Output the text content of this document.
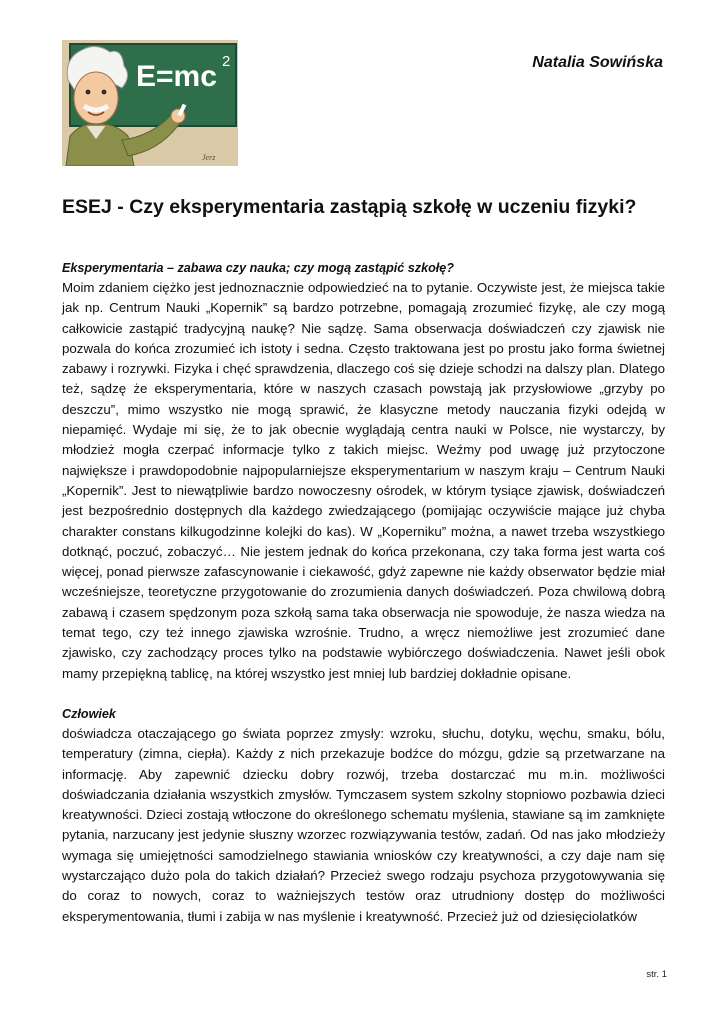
E=mc 2
Jerz
Natalia Sowińska
ESEJ - Czy eksperymentaria zastąpią szkołę w uczeniu fizyki?
Eksperymentaria – zabawa czy nauka; czy mogą zastąpić szkołę?

Moim zdaniem ciężko jest jednoznacznie odpowiedzieć na to pytanie. Oczywiste jest, że miejsca takie jak np. Centrum Nauki „Kopernik” są bardzo potrzebne, pomagają zrozumieć fizykę, ale czy mogą całkowicie zastąpić tradycyjną naukę? Nie sądzę. Sama obserwacja doświadczeń czy zjawisk nie pozwala do końca zrozumieć ich istoty i sedna. Często traktowana jest po prostu jako forma świetnej zabawy i rozrywki. Fizyka i chęć sprawdzenia, dlaczego coś się dzieje schodzi na dalszy plan. Dlatego też, sądzę że eksperymentaria, które w naszych czasach powstają jak przysłowiowe „grzyby po deszczu”, mimo wszystko nie mogą sprawić, że klasyczne metody nauczania fizyki odejdą w niepamięć. Wydaje mi się, że to jak obecnie wyglądają centra nauki w Polsce, nie wystarczy, by młodzież mogła czerpać informacje tylko z takich miejsc. Weźmy pod uwagę już przytoczone największe i prawdopodobnie najpopularniejsze eksperymentarium w naszym kraju – Centrum Nauki „Kopernik”. Jest to niewątpliwie bardzo nowoczesny ośrodek, w którym tysiące zjawisk, doświadczeń jest bezpośrednio dostępnych dla każdego zwiedzającego (pomijając oczywiście mające już chyba charakter constans kilkugodzinne kolejki do kas). W „Koperniku” można, a nawet trzeba wszystkiego dotknąć, poczuć, zobaczyć… Nie jestem jednak do końca przekonana, czy taka forma jest warta coś więcej, ponad pierwsze zafascynowanie i ciekawość, gdyż zapewne nie każdy obserwator będzie miał wcześniejsze, teoretyczne przygotowanie do zrozumienia danych doświadczeń. Poza chwilową dobrą zabawą i czasem spędzonym poza szkołą sama taka obserwacja nie spowoduje, że nasza wiedza na temat tego, czy też innego zjawiska wzrośnie. Trudno, a wręcz niemożliwe jest zrozumieć dane zjawisko, czy zachodzący proces tylko na podstawie wybiórczego doświadczenia. Nawet jeśli obok mamy przepiękną tablicę, na której wszystko jest mniej lub bardziej dokładnie opisane.

Człowiek

doświadcza otaczającego go świata poprzez zmysły: wzroku, słuchu, dotyku, węchu, smaku, bólu, temperatury (zimna, ciepła). Każdy z nich przekazuje bodźce do mózgu, gdzie są przetwarzane na informację. Aby zapewnić dziecku dobry rozwój, trzeba dostarczać mu m.in. możliwości doświadczania działania wszystkich zmysłów. Tymczasem system szkolny stopniowo pozbawia dzieci kreatywności. Dzieci zostają wtłoczone do określonego schematu myślenia, stawiane są im zamknięte pytania, narzucany jest jedynie słuszny wzorzec rozwiązywania testów, zadań. Od nas jako młodzieży wymaga się umiejętności samodzielnego stawiania wniosków czy kreatywności, a czy daje nam się wystarczająco dużo pola do takich działań? Przecież swego rodzaju psychoza przygotowywania się do coraz to nowych, coraz to ważniejszych testów oraz utrudniony dostęp do możliwości eksperymentowania, tłumi i zabija w nas myślenie i kreatywność. Przecież już od dziesięciolatków

str. 1
